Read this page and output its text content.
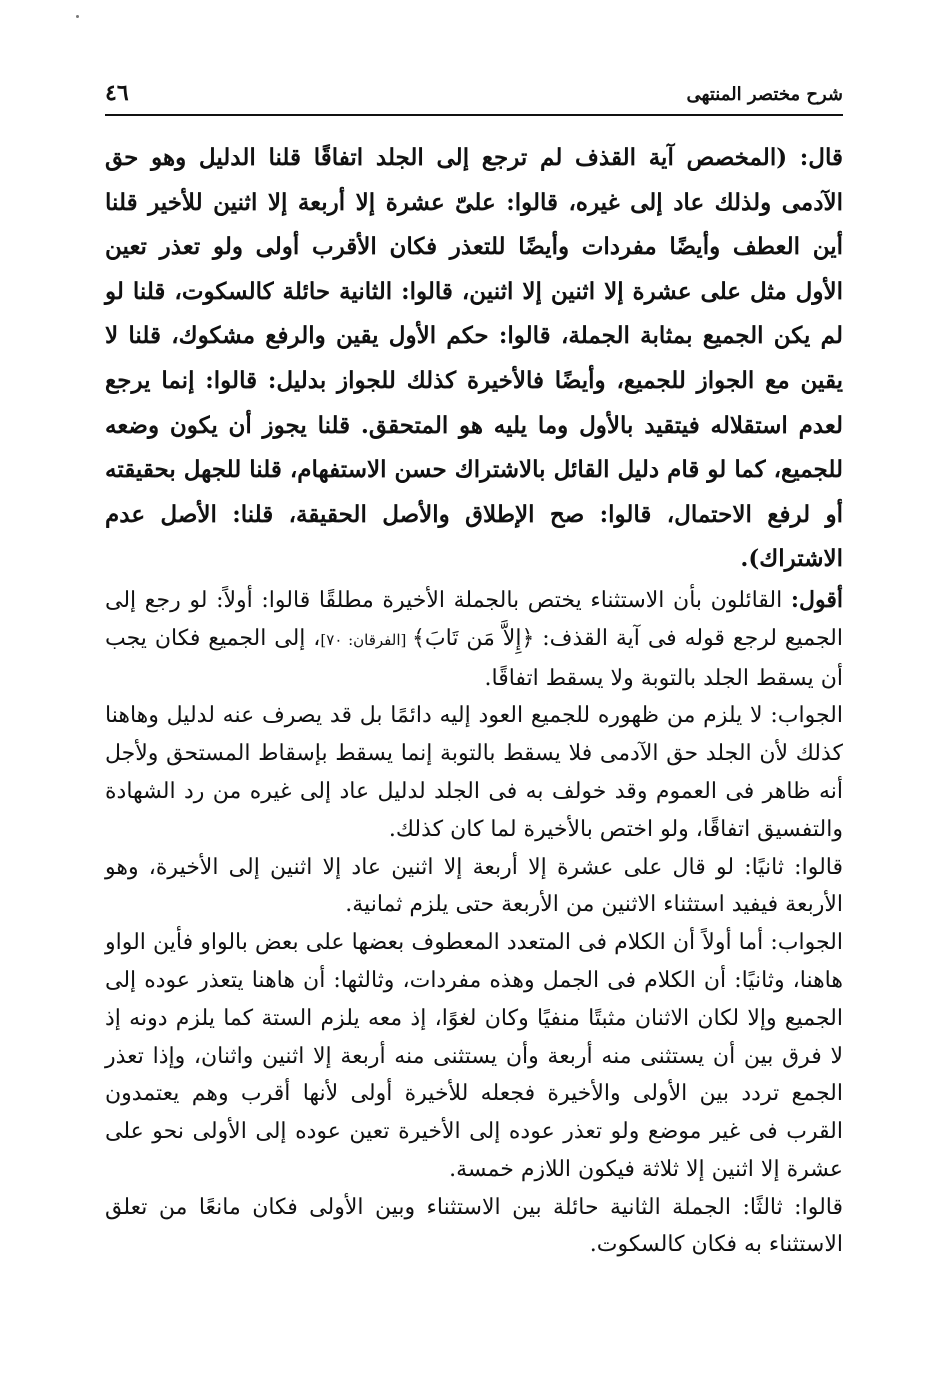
٤٦	شرح مختصر المنتهى

قال: (المخصص آية القذف لم ترجع إلى الجلد اتفاقًا قلنا الدليل وهو حق الآدمى ولذلك عاد إلى غيره، قالوا: علىّ عشرة إلا أربعة إلا اثنين للأخير قلنا أين العطف وأيضًا مفردات وأيضًا للتعذر فكان الأقرب أولى ولو تعذر تعين الأول مثل على عشرة إلا اثنين إلا اثنين، قالوا: الثانية حائلة كالسكوت، قلنا لو لم يكن الجميع بمثابة الجملة، قالوا: حكم الأول يقين والرفع مشكوك، قلنا لا يقين مع الجواز للجميع، وأيضًا فالأخيرة كذلك للجواز بدليل: قالوا: إنما يرجع لعدم استقلاله فيتقيد بالأول وما يليه هو المتحقق. قلنا يجوز أن يكون وضعه للجميع، كما لو قام دليل القائل بالاشتراك حسن الاستفهام، قلنا للجهل بحقيقته أو لرفع الاحتمال، قالوا: صح الإطلاق والأصل الحقيقة، قلنا: الأصل عدم الاشتراك).

أقول: القائلون بأن الاستثناء يختص بالجملة الأخيرة مطلقًا قالوا: أولاً: لو رجع إلى الجميع لرجع قوله فى آية القذف: ﴿إِلاَّ مَن تَابَ﴾ [الفرقان: ٧٠]، إلى الجميع فكان يجب أن يسقط الجلد بالتوبة ولا يسقط اتفاقًا.

الجواب: لا يلزم من ظهوره للجميع العود إليه دائمًا بل قد يصرف عنه لدليل وهاهنا كذلك لأن الجلد حق الآدمى فلا يسقط بالتوبة إنما يسقط بإسقاط المستحق ولأجل أنه ظاهر فى العموم وقد خولف به فى الجلد لدليل عاد إلى غيره من رد الشهادة والتفسيق اتفاقًا، ولو اختص بالأخيرة لما كان كذلك.

قالوا: ثانيًا: لو قال على عشرة إلا أربعة إلا اثنين عاد إلا اثنين إلى الأخيرة، وهو الأربعة فيفيد استثناء الاثنين من الأربعة حتى يلزم ثمانية.

الجواب: أما أولاً أن الكلام فى المتعدد المعطوف بعضها على بعض بالواو فأين الواو هاهنا، وثانيًا: أن الكلام فى الجمل وهذه مفردات، وثالثها: أن هاهنا يتعذر عوده إلى الجميع وإلا لكان الاثنان مثبتًا منفيًا وكان لغوًا، إذ معه يلزم الستة كما يلزم دونه إذ لا فرق بين أن يستثنى منه أربعة وأن يستثنى منه أربعة إلا اثنين واثنان، وإذا تعذر الجمع تردد بين الأولى والأخيرة فجعله للأخيرة أولى لأنها أقرب وهم يعتمدون القرب فى غير موضع ولو تعذر عوده إلى الأخيرة تعين عوده إلى الأولى نحو على عشرة إلا اثنين إلا ثلاثة فيكون اللازم خمسة.

قالوا: ثالثًا: الجملة الثانية حائلة بين الاستثناء وبين الأولى فكان مانعًا من تعلق الاستثناء به فكان كالسكوت.
